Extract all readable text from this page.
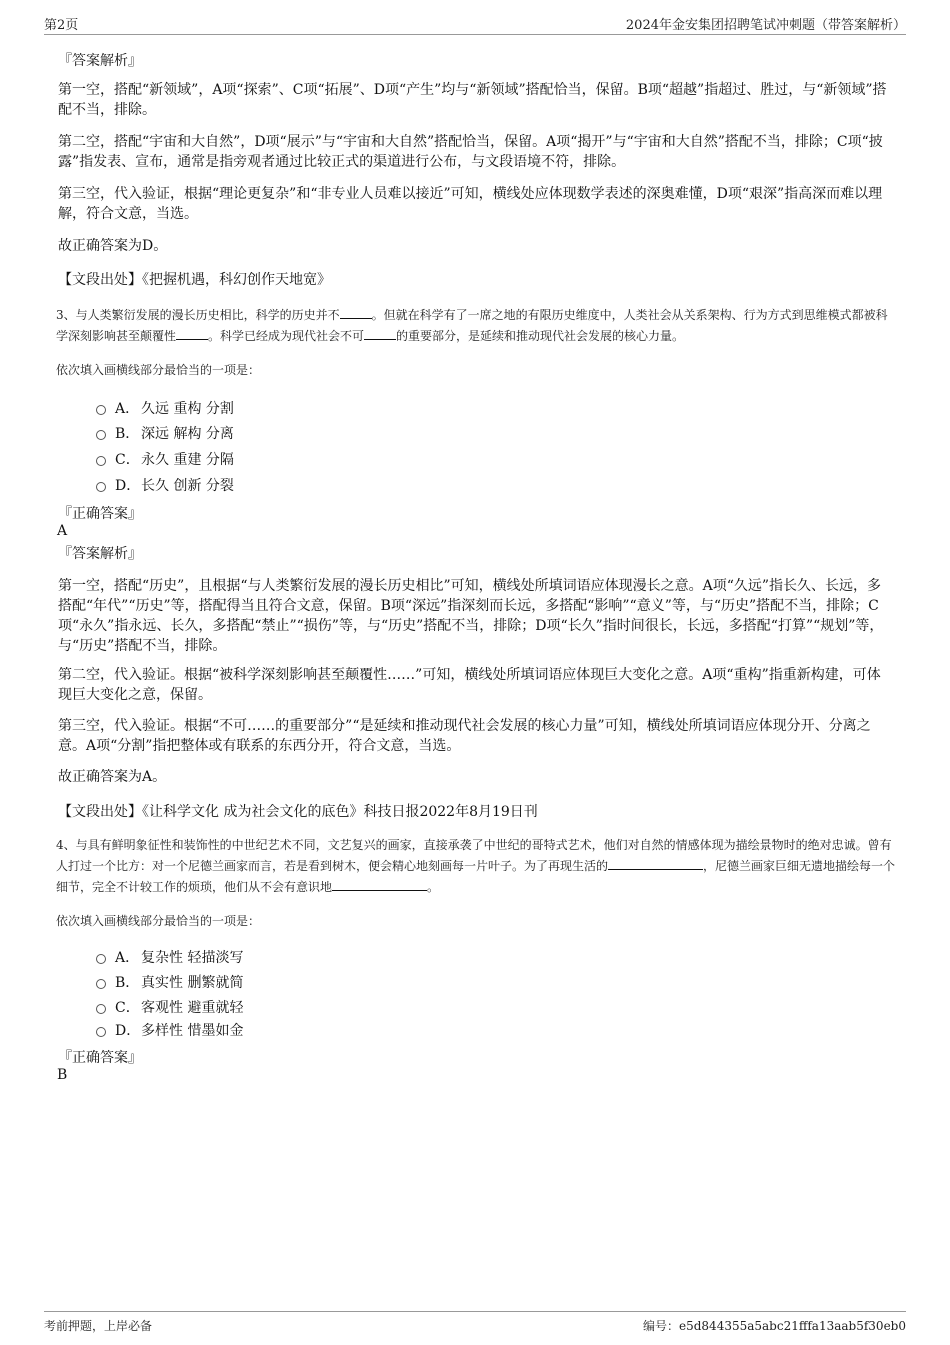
第2页	2024年金安集团招聘笔试冲刺题（带答案解析）
『答案解析』
第一空，搭配“新领域”，A项“探索”、C项“拓展”、D项“产生”均与“新领域”搭配恰当，保留。B项“超越”指超过、胜过，与“新领域”搭配不当，排除。
第二空，搭配“宇宙和大自然”，D项“展示”与“宇宙和大自然”搭配恰当，保留。A项“揭开”与“宇宙和大自然”搭配不当，排除；C项“披露”指发表、宣布，通常是指旁观者通过比较正式的渠道进行公布，与文段语境不符，排除。
第三空，代入验证，根据“理论更复杂”和“非专业人员难以接近”可知，横线处应体现数学表述的深奥难懂，D项“艰深”指高深而难以理解，符合文意，当选。
故正确答案为D。
【文段出处】《把握机遇，科幻创作天地宽》
3、与人类繁衍发展的漫长历史相比，科学的历史并不	。但就在科学有了一席之地的有限历史维度中，人类社会从关系架构、行为方式到思维模式都被科学深刻影响甚至颠覆性	。科学已经成为现代社会不可	的重要部分，是延续和推动现代社会发展的核心力量。
依次填入画横线部分最恰当的一项是：
A． 久远 重构 分割
B． 深远 解构 分离
C． 永久 重建 分隔
D． 长久 创新 分裂
『正确答案』
A
『答案解析』
第一空，搭配“历史”，且根据“与人类繁衍发展的漫长历史相比”可知，横线处所填词语应体现漫长之意。A项“久远”指长久、长远，多搭配“年代”“历史”等，搭配得当且符合文意，保留。B项“深远”指深刻而长远，多搭配“影响”“意义”等，与“历史”搭配不当，排除；C项“永久”指永远、长久，多搭配“禁止”“损伤”等，与“历史”搭配不当，排除；D项“长久”指时间很长，长远，多搭配“打算”“规划”等，与“历史”搭配不当，排除。
第二空，代入验证。根据“被科学深刻影响甚至颠覆性……”可知，横线处所填词语应体现巨大变化之意。A项“重构”指重新构建，可体现巨大变化之意，保留。
第三空，代入验证。根据“不可……的重要部分”“是延续和推动现代社会发展的核心力量”可知，横线处所填词语应体现分开、分离之意。A项“分割”指把整体或有联系的东西分开，符合文意，当选。
故正确答案为A。
【文段出处】《让科学文化 成为社会文化的底色》科技日报2022年8月19日刊
4、与具有鲜明象征性和装饰性的中世纪艺术不同，文艺复兴的画家，直接承袭了中世纪的哥特式艺术，他们对自然的情感体现为描绘景物时的绝对忠诚。曾有人打过一个比方：对一个尼德兰画家而言，若是看到树木，便会精心地刻画每一片叶子。为了再现生活的	，尼德兰画家巨细无遗地描绘每一个细节，完全不计较工作的烦琐，他们从不会有意识地	。
依次填入画横线部分最恰当的一项是：
A． 复杂性 轻描淡写
B． 真实性 删繁就简
C． 客观性 避重就轻
D． 多样性 惜墨如金
『正确答案』
B
考前押题，上岸必备	编号：e5d844355a5abc21fffa13aab5f30eb0
